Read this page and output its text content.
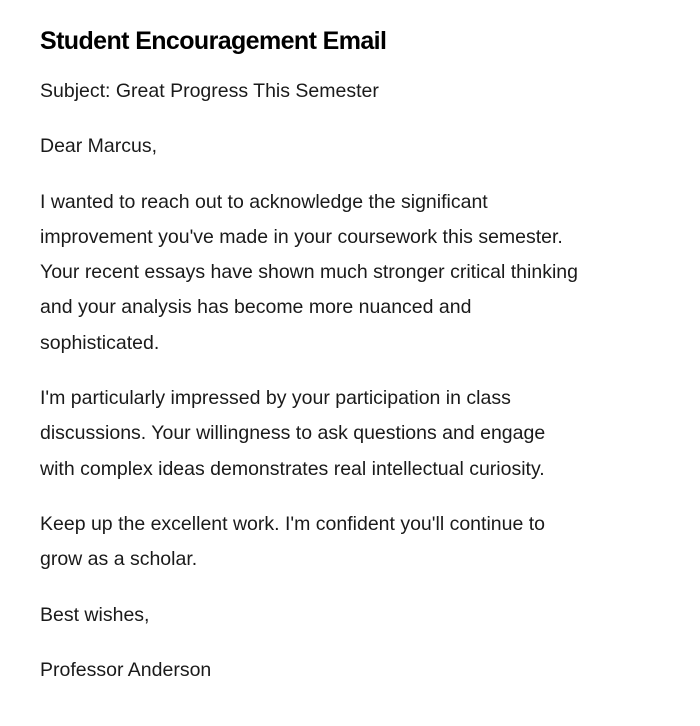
Student Encouragement Email

Subject: Great Progress This Semester

Dear Marcus,

I wanted to reach out to acknowledge the significant
improvement you've made in your coursework this semester.
Your recent essays have shown much stronger critical thinking
and your analysis has become more nuanced and
sophisticated.

I'm particularly impressed by your participation in class
discussions. Your willingness to ask questions and engage
with complex ideas demonstrates real intellectual curiosity.

Keep up the excellent work. I'm confident you'll continue to
grow as a scholar.

Best wishes,

Professor Anderson
